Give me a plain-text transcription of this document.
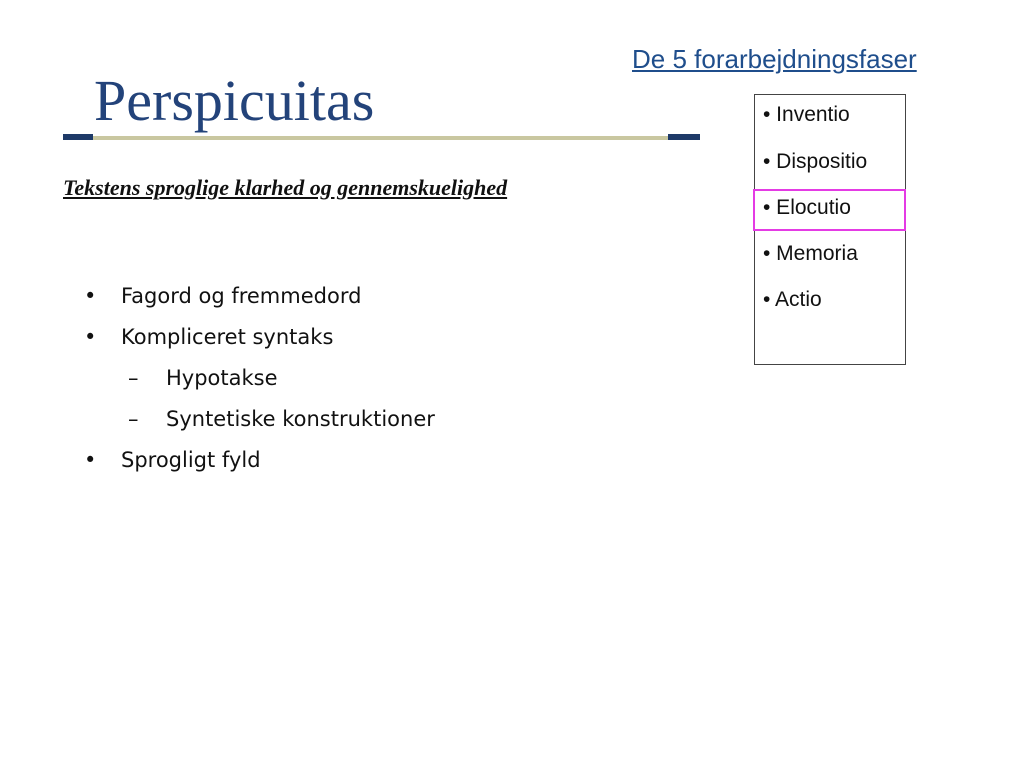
De 5 forarbejdningsfaser
Perspicuitas
Tekstens sproglige klarhed og gennemskuelighed
• Inventio
• Dispositio
• Elocutio
• Memoria
• Actio
• Fagord og fremmedord
• Kompliceret syntaks
– Hypotakse
– Syntetiske konstruktioner
• Sprogligt fyld
